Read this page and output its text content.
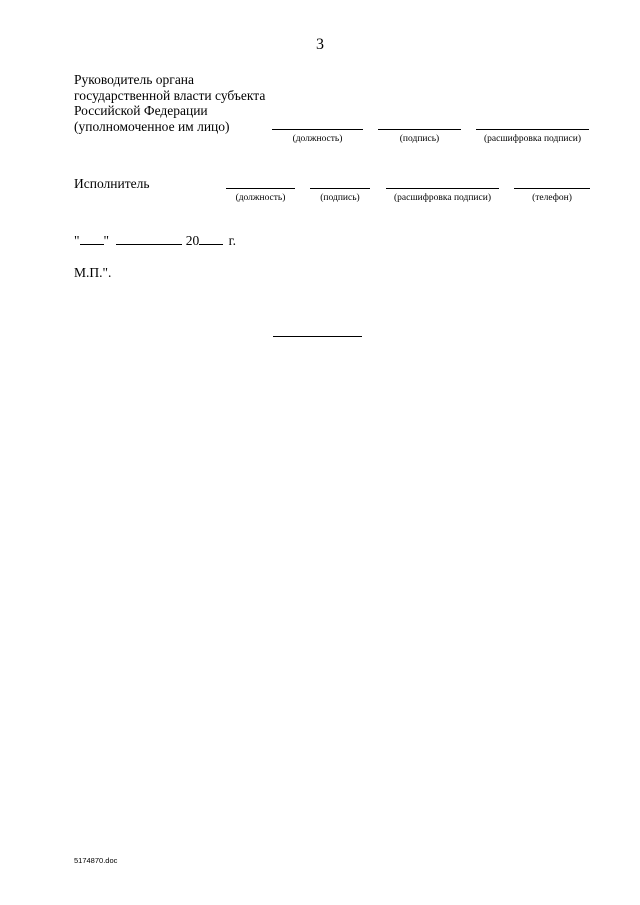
3
Руководитель органа
государственной власти субъекта
Российской Федерации
(уполномоченное им лицо)
(должность)	(подпись)	(расшифровка подписи)
Исполнитель
(должность)	(подпись)	(расшифровка подписи)	(телефон)
" "	20 г.
М.П.".
5174870.doc
